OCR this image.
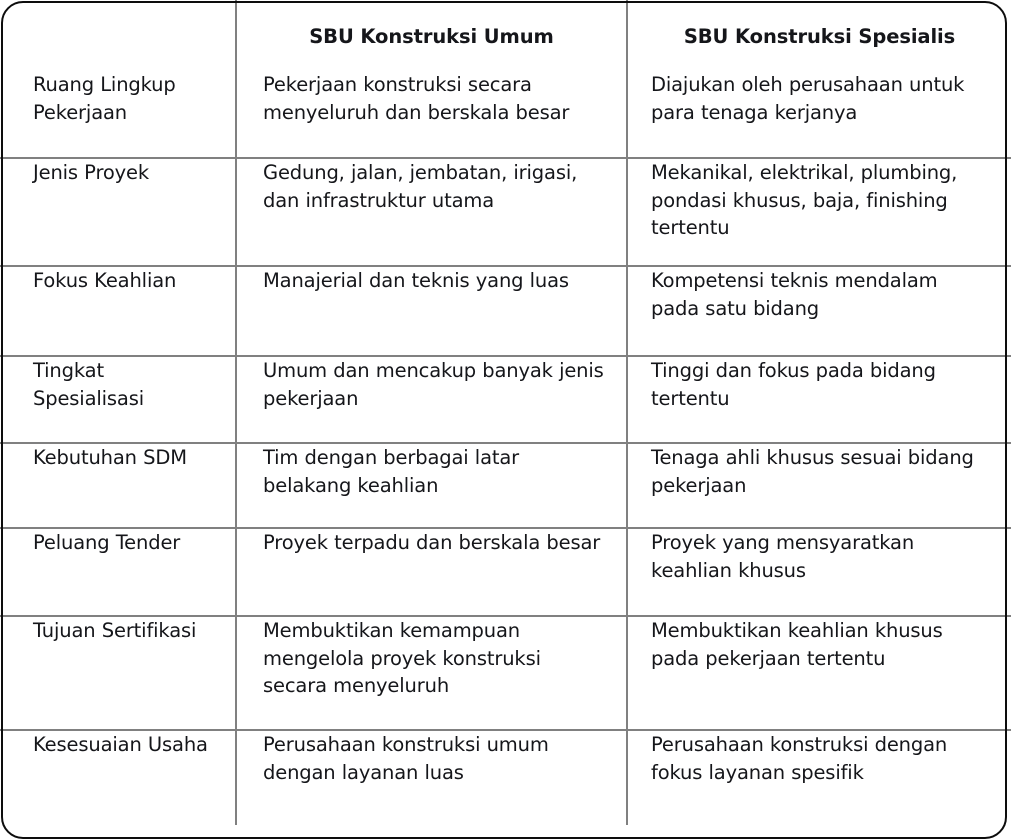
	SBU Konstruksi Umum	SBU Konstruksi Spesialis
Ruang Lingkup Pekerjaan	Pekerjaan konstruksi secara menyeluruh dan berskala besar	Diajukan oleh perusahaan untuk para tenaga kerjanya
Jenis Proyek	Gedung, jalan, jembatan, irigasi, dan infrastruktur utama	Mekanikal, elektrikal, plumbing, pondasi khusus, baja, finishing tertentu
Fokus Keahlian	Manajerial dan teknis yang luas	Kompetensi teknis mendalam pada satu bidang
Tingkat Spesialisasi	Umum dan mencakup banyak jenis pekerjaan	Tinggi dan fokus pada bidang tertentu
Kebutuhan SDM	Tim dengan berbagai latar belakang keahlian	Tenaga ahli khusus sesuai bidang pekerjaan
Peluang Tender	Proyek terpadu dan berskala besar	Proyek yang mensyaratkan keahlian khusus
Tujuan Sertifikasi	Membuktikan kemampuan mengelola proyek konstruksi secara menyeluruh	Membuktikan keahlian khusus pada pekerjaan tertentu
Kesesuaian Usaha	Perusahaan konstruksi umum dengan layanan luas	Perusahaan konstruksi dengan fokus layanan spesifik
